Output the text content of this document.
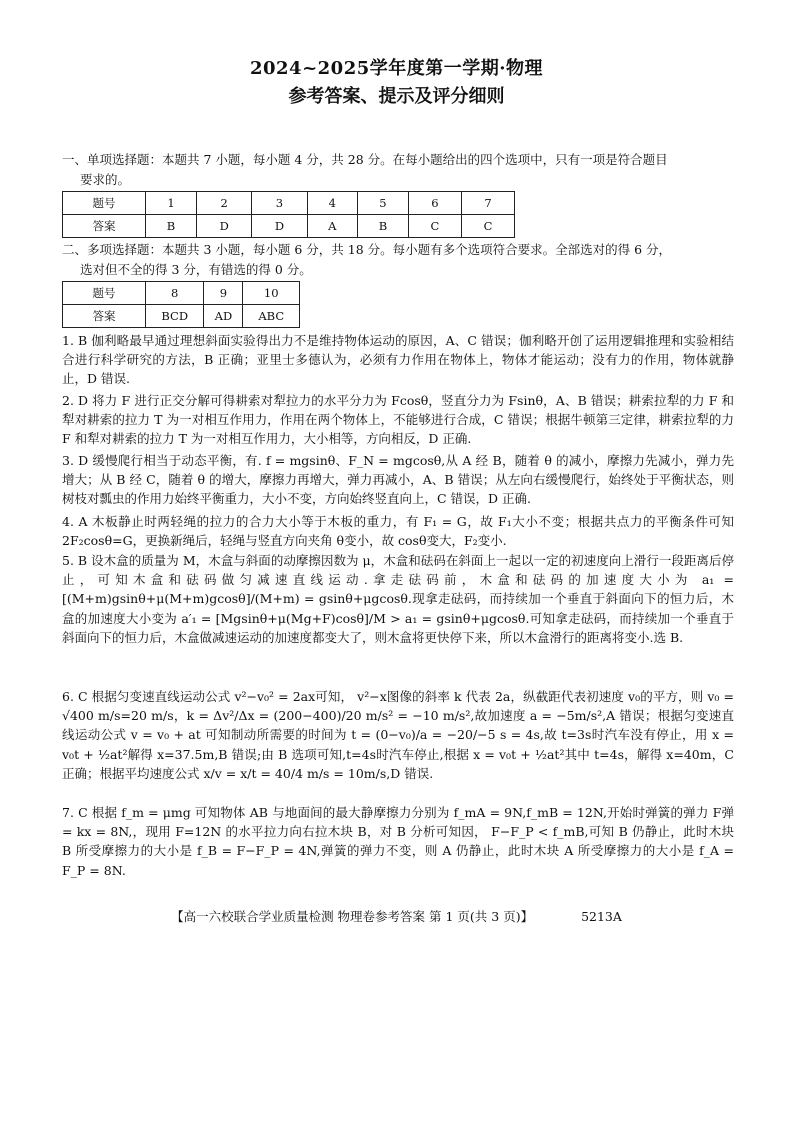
2024~2025学年度第一学期·物理
参考答案、提示及评分细则
一、单项选择题：本题共 7 小题，每小题 4 分，共 28 分。在每小题给出的四个选项中，只有一项是符合题目
要求的。
题号	1	2	3	4	5	6	7
答案	B	D	D	A	B	C	C
二、多项选择题：本题共 3 小题，每小题 6 分，共 18 分。每小题有多个选项符合要求。全部选对的得 6 分，
选对但不全的得 3 分，有错选的得 0 分。
题号	8	9	10
答案	BCD	AD	ABC
1. B 伽利略最早通过理想斜面实验得出力不是维持物体运动的原因，A、C 错误；伽利略开创了运用逻辑推理和实验相结合进行科学研究的方法，B 正确；亚里士多德认为，必须有力作用在物体上，物体才能运动；没有力的作用，物体就静止，D 错误.
2. D 将力 F 进行正交分解可得耕索对犁拉力的水平分力为 Fcosθ，竖直分力为 Fsinθ，A、B 错误；耕索拉犁的力 F 和犁对耕索的拉力 T 为一对相互作用力，作用在两个物体上，不能够进行合成，C 错误；根据牛顿第三定律，耕索拉犁的力 F 和犁对耕索的拉力 T 为一对相互作用力，大小相等，方向相反，D 正确.
3. D 缓慢爬行相当于动态平衡，有. f = mgsinθ、F_N = mgcosθ,从 A 经 B，随着 θ 的减小，摩擦力先减小，弹力先增大；从 B 经 C，随着 θ 的增大，摩擦力再增大，弹力再减小，A、B 错误；从左向右缓慢爬行，始终处于平衡状态，则树枝对瓢虫的作用力始终平衡重力，大小不变，方向始终竖直向上，C 错误，D 正确.
4. A 木板静止时两轻绳的拉力的合力大小等于木板的重力，有 F₁ = G，故 F₁大小不变；根据共点力的平衡条件可知 2F₂cosθ=G，更换新绳后，轻绳与竖直方向夹角 θ变小，故 cosθ变大，F₂变小.
5. B 设木盒的质量为 M，木盒与斜面的动摩擦因数为 μ，木盒和砝码在斜面上一起以一定的初速度向上滑行一段距离后停止，可知木盒和砝码做匀减速直线运动.拿走砝码前，木盒和砝码的加速度大小为 a₁ = [(M+m)gsinθ+μ(M+m)gcosθ]/(M+m) = gsinθ+μgcosθ.现拿走砝码，而持续加一个垂直于斜面向下的恒力后，木盒的加速度大小变为 a′₁ = [Mgsinθ+μ(Mg+F)cosθ]/M > a₁ = gsinθ+μgcosθ.可知拿走砝码，而持续加一个垂直于斜面向下的恒力后，木盒做减速运动的加速度都变大了，则木盒将更快停下来，所以木盒滑行的距离将变小.选 B.
6. C 根据匀变速直线运动公式 v²−v₀² = 2ax可知， v²−x图像的斜率 k 代表 2a，纵截距代表初速度 v₀的平方，则 v₀ = √400 m/s=20 m/s，k = Δv²/Δx = (200−400)/20 m/s² = −10 m/s²,故加速度 a = −5m/s²,A 错误；根据匀变速直线运动公式 v = v₀ + at 可知制动所需要的时间为 t = (0−v₀)/a = −20/−5 s = 4s,故 t=3s时汽车没有停止，用 x = v₀t + ½at²解得 x=37.5m,B 错误;由 B 选项可知,t=4s时汽车停止,根据 x = v₀t + ½at²其中 t=4s，解得 x=40m，C 正确；根据平均速度公式 x/v = x/t = 40/4 m/s = 10m/s,D 错误.
7. C 根据 f_m = μmg 可知物体 AB 与地面间的最大静摩擦力分别为 f_mA = 9N,f_mB = 12N,开始时弹簧的弹力 F弹 = kx = 8N,，现用 F=12N 的水平拉力向右拉木块 B，对 B 分析可知因， F−F_P < f_mB,可知 B 仍静止，此时木块 B 所受摩擦力的大小是 f_B = F−F_P = 4N,弹簧的弹力不变，则 A 仍静止，此时木块 A 所受摩擦力的大小是 f_A = F_P = 8N.
【高一六校联合学业质量检测 物理卷参考答案 第 1 页(共 3 页)】	5213A
